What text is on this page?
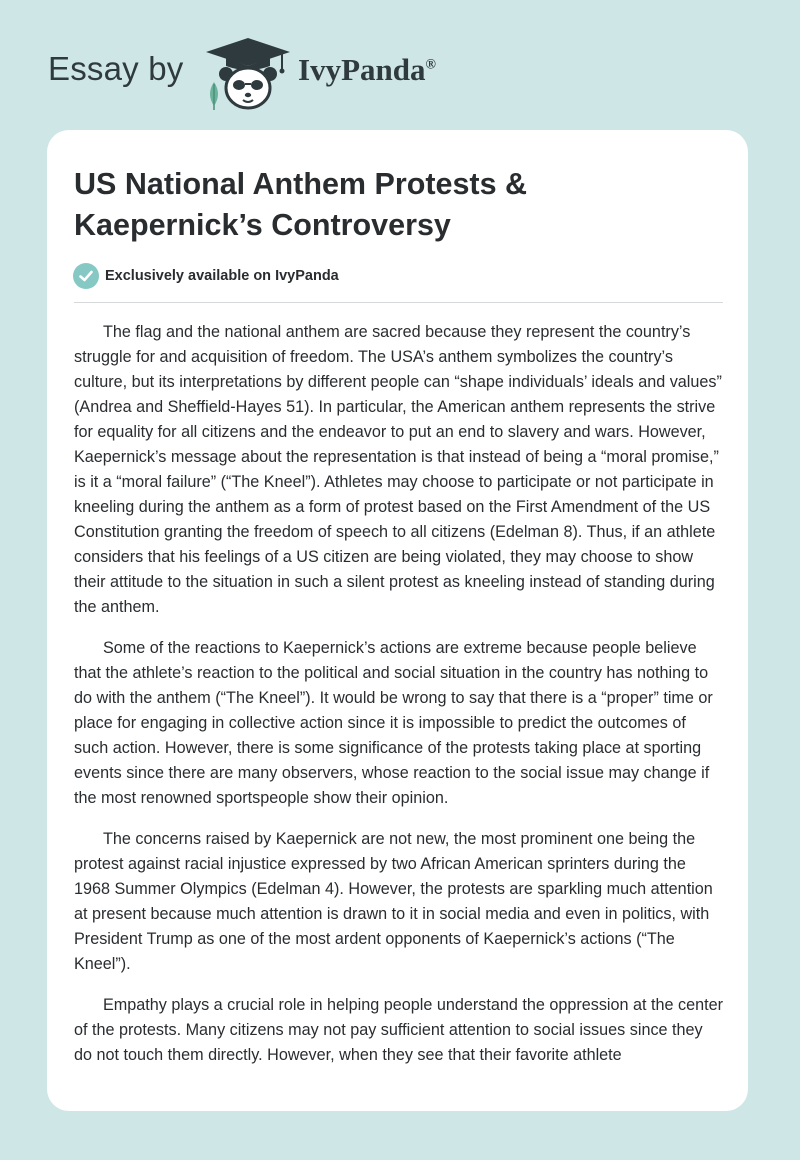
Essay by	IvyPanda®
US National Anthem Protests & Kaepernick’s Controversy
Exclusively available on IvyPanda

The flag and the national anthem are sacred because they represent the country’s struggle for and acquisition of freedom. The USA’s anthem symbolizes the country’s culture, but its interpretations by different people can “shape individuals’ ideals and values” (Andrea and Sheffield-Hayes 51). In particular, the American anthem represents the strive for equality for all citizens and the endeavor to put an end to slavery and wars. However, Kaepernick’s message about the representation is that instead of being a “moral promise,” is it a “moral failure” (“The Kneel”). Athletes may choose to participate or not participate in kneeling during the anthem as a form of protest based on the First Amendment of the US Constitution granting the freedom of speech to all citizens (Edelman 8). Thus, if an athlete considers that his feelings of a US citizen are being violated, they may choose to show their attitude to the situation in such a silent protest as kneeling instead of standing during the anthem.

Some of the reactions to Kaepernick’s actions are extreme because people believe that the athlete’s reaction to the political and social situation in the country has nothing to do with the anthem (“The Kneel”). It would be wrong to say that there is a “proper” time or place for engaging in collective action since it is impossible to predict the outcomes of such action. However, there is some significance of the protests taking place at sporting events since there are many observers, whose reaction to the social issue may change if the most renowned sportspeople show their opinion.

The concerns raised by Kaepernick are not new, the most prominent one being the protest against racial injustice expressed by two African American sprinters during the 1968 Summer Olympics (Edelman 4). However, the protests are sparkling much attention at present because much attention is drawn to it in social media and even in politics, with President Trump as one of the most ardent opponents of Kaepernick’s actions (“The Kneel”).

Empathy plays a crucial role in helping people understand the oppression at the center of the protests. Many citizens may not pay sufficient attention to social issues since they do not touch them directly. However, when they see that their favorite athlete
